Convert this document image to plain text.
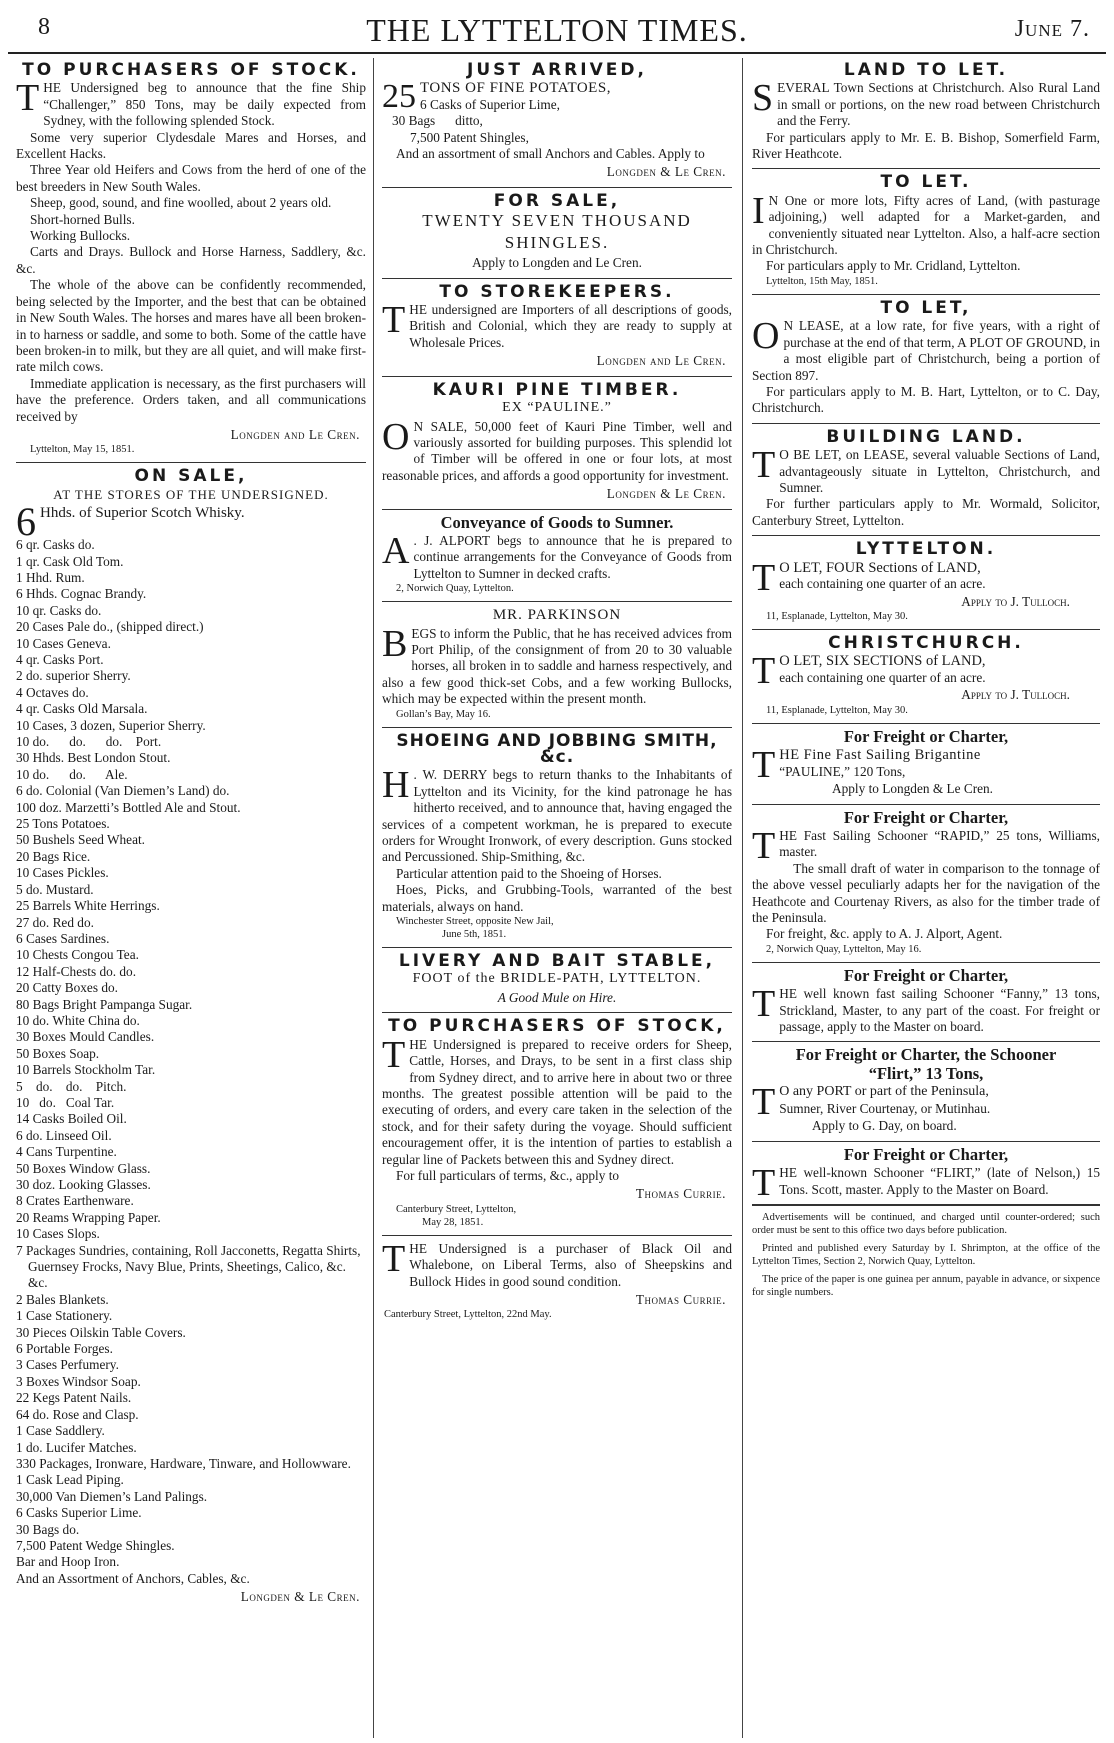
8	THE LYTTELTON TIMES.	June 7.
TO PURCHASERS OF STOCK.

THE Undersigned beg to announce that the fine Ship “Challenger,” 850 Tons, may be daily expected from Sydney, with the following splended Stock.

Some very superior Clydesdale Mares and Horses, and Excellent Hacks.

Three Year old Heifers and Cows from the herd of one of the best breeders in New South Wales.

Sheep, good, sound, and fine woolled, about 2 years old.

Short-horned Bulls.

Working Bullocks.

Carts and Drays. Bullock and Horse Harness, Saddlery, &c. &c.

The whole of the above can be confidently recommended, being selected by the Importer, and the best that can be obtained in New South Wales. The horses and mares have all been broken-in to harness or saddle, and some to both. Some of the cattle have been broken-in to milk, but they are all quiet, and will make first-rate milch cows.

Immediate application is necessary, as the first purchasers will have the preference. Orders taken, and all communications received by

Longden and Le Cren.
Lyttelton, May 15, 1851.
ON SALE,
AT THE STORES OF THE UNDERSIGNED.
6 Hhds. of Superior Scotch Whisky.
6 qr. Casks do.
1 qr. Cask Old Tom.
1 Hhd. Rum.
6 Hhds. Cognac Brandy.
10 qr. Casks do.
20 Cases Pale do., (shipped direct.)
10 Cases Geneva.
4 qr. Casks Port.
2 do. superior Sherry.
4 Octaves do.
4 qr. Casks Old Marsala.
10 Cases, 3 dozen, Superior Sherry.
10 do.      do.      do.    Port.
30 Hhds. Best London Stout.
10 do.      do.      Ale.
6 do. Colonial (Van Diemen’s Land) do.
100 doz. Marzetti’s Bottled Ale and Stout.
25 Tons Potatoes.
50 Bushels Seed Wheat.
20 Bags Rice.
10 Cases Pickles.
5 do. Mustard.
25 Barrels White Herrings.
27 do. Red do.
6 Cases Sardines.
10 Chests Congou Tea.
12 Half-Chests do. do.
20 Catty Boxes do.
80 Bags Bright Pampanga Sugar.
10 do. White China do.
30 Boxes Mould Candles.
50 Boxes Soap.
10 Barrels Stockholm Tar.
5    do.    do.    Pitch.
10   do.   Coal Tar.
14 Casks Boiled Oil.
6 do. Linseed Oil.
4 Cans Turpentine.
50 Boxes Window Glass.
30 doz. Looking Glasses.
8 Crates Earthenware.
20 Reams Wrapping Paper.
10 Cases Slops.
7 Packages Sundries, containing, Roll Jacconetts, Regatta Shirts, Guernsey Frocks, Navy Blue, Prints, Sheetings, Calico, &c. &c.
2 Bales Blankets.
1 Case Stationery.
30 Pieces Oilskin Table Covers.
6 Portable Forges.
3 Cases Perfumery.
3 Boxes Windsor Soap.
22 Kegs Patent Nails.
64 do. Rose and Clasp.
1 Case Saddlery.
1 do. Lucifer Matches.
330 Packages, Ironware, Hardware, Tinware, and Hollowware.
1 Cask Lead Piping.
30,000 Van Diemen’s Land Palings.
6 Casks Superior Lime.
30 Bags do.
7,500 Patent Wedge Shingles.
Bar and Hoop Iron.
And an Assortment of Anchors, Cables, &c.
Longden & Le Cren.
JUST ARRIVED,
25 TONS OF FINE POTATOES,
6 Casks of Superior Lime,
30 Bags      ditto,
7,500 Patent Shingles,

And an assortment of small Anchors and Cables. Apply to

Longden & Le Cren.
FOR SALE,
TWENTY SEVEN THOUSAND
SHINGLES.
Apply to Longden and Le Cren.
TO STOREKEEPERS.

THE undersigned are Importers of all descriptions of goods, British and Colonial, which they are ready to supply at Wholesale Prices.

Longden and Le Cren.
KAURI PINE TIMBER.
EX “PAULINE.”

O N SALE, 50,000 feet of Kauri Pine Timber, well and variously assorted for building purposes. This splendid lot of Timber will be offered in one or four lots, at most reasonable prices, and affords a good opportunity for investment.

Longden & Le Cren.
Conveyance of Goods to Sumner.

A . J. ALPORT begs to announce that he is prepared to continue arrangements for the Conveyance of Goods from Lyttelton to Sumner in decked crafts.

2, Norwich Quay, Lyttelton.
MR. PARKINSON

BEGS to inform the Public, that he has received advices from Port Philip, of the consignment of from 20 to 30 valuable horses, all broken in to saddle and harness respectively, and also a few good thick-set Cobs, and a few working Bullocks, which may be expected within the present month.

Gollan’s Bay, May 16.
SHOEING AND JOBBING SMITH, &c.

H . W. DERRY begs to return thanks to the Inhabitants of Lyttelton and its Vicinity, for the kind patronage he has hitherto received, and to announce that, having engaged the services of a competent workman, he is prepared to execute orders for Wrought Ironwork, of every description. Guns stocked and Percussioned. Ship-Smithing, &c.

Particular attention paid to the Shoeing of Horses.

Hoes, Picks, and Grubbing-Tools, warranted of the best materials, always on hand.

Winchester Street, opposite New Jail,
June 5th, 1851.
LIVERY AND BAIT STABLE,
FOOT of the BRIDLE-PATH, LYTTELTON.
A Good Mule on Hire.
TO PURCHASERS OF STOCK,

THE Undersigned is prepared to receive orders for Sheep, Cattle, Horses, and Drays, to be sent in a first class ship from Sydney direct, and to arrive here in about two or three months. The greatest possible attention will be paid to the executing of orders, and every care taken in the selection of the stock, and for their safety during the voyage. Should sufficient encouragement offer, it is the intention of parties to establish a regular line of Packets between this and Sydney direct.

For full particulars of terms, &c., apply to

Thomas Currie.
Canterbury Street, Lyttelton,
May 28, 1851.

THE Undersigned is a purchaser of Black Oil and Whalebone, on Liberal Terms, also of Sheepskins and Bullock Hides in good sound condition.

Thomas Currie.
Canterbury Street, Lyttelton, 22nd May.
LAND TO LET.

SEVERAL Town Sections at Christchurch. Also Rural Land in small or portions, on the new road between Christchurch and the Ferry.

For particulars apply to Mr. E. B. Bishop, Somerfield Farm, River Heathcote.

TO LET.

I N One or more lots, Fifty acres of Land, (with pasturage adjoining,) well adapted for a Market-garden, and conveniently situated near Lyttelton. Also, a half-acre section in Christchurch.

For particulars apply to Mr. Cridland, Lyttelton.

Lyttelton, 15th May, 1851.
TO LET,

O N LEASE, at a low rate, for five years, with a right of purchase at the end of that term, A PLOT OF GROUND, in a most eligible part of Christchurch, being a portion of Section 897.

For particulars apply to M. B. Hart, Lyttelton, or to C. Day, Christchurch.

BUILDING LAND.

T O BE LET, on LEASE, several valuable Sections of Land, advantageously situate in Lyttelton, Christchurch, and Sumner.

For further particulars apply to Mr. Wormald, Solicitor, Canterbury Street, Lyttelton.

LYTTELTON.
T O LET, FOUR Sections of LAND,
each containing one quarter of an acre.
Apply to J. Tulloch.
11, Esplanade, Lyttelton, May 30.
CHRISTCHURCH.
T O LET, SIX SECTIONS of LAND,
each containing one quarter of an acre.
Apply to J. Tulloch.
11, Esplanade, Lyttelton, May 30.
For Freight or Charter,
T HE Fine Fast Sailing Brigantine
“PAULINE,” 120 Tons,
Apply to Longden & Le Cren.
For Freight or Charter,

THE Fast Sailing Schooner “RAPID,” 25 tons, Williams, master.

The small draft of water in comparison to the tonnage of the above vessel peculiarly adapts her for the navigation of the Heathcote and Courtenay Rivers, as also for the timber trade of the Peninsula.

For freight, &c. apply to A. J. Alport, Agent.

2, Norwich Quay, Lyttelton, May 16.
For Freight or Charter,

THE well known fast sailing Schooner “Fanny,” 13 tons, Strickland, Master, to any part of the coast. For freight or passage, apply to the Master on board.

For Freight or Charter, the Schooner
“Flirt,” 13 Tons,
T O any PORT or part of the Peninsula,
Sumner, River Courtenay, or Mutinhau.
Apply to G. Day, on board.
For Freight or Charter,

THE well-known Schooner “FLIRT,” (late of Nelson,) 15 Tons. Scott, master. Apply to the Master on Board.

Advertisements will be continued, and charged until counter-ordered; such order must be sent to this office two days before publication.

Printed and published every Saturday by I. Shrimpton, at the office of the Lyttelton Times, Section 2, Norwich Quay, Lyttelton.

The price of the paper is one guinea per annum, payable in advance, or sixpence for single numbers.
